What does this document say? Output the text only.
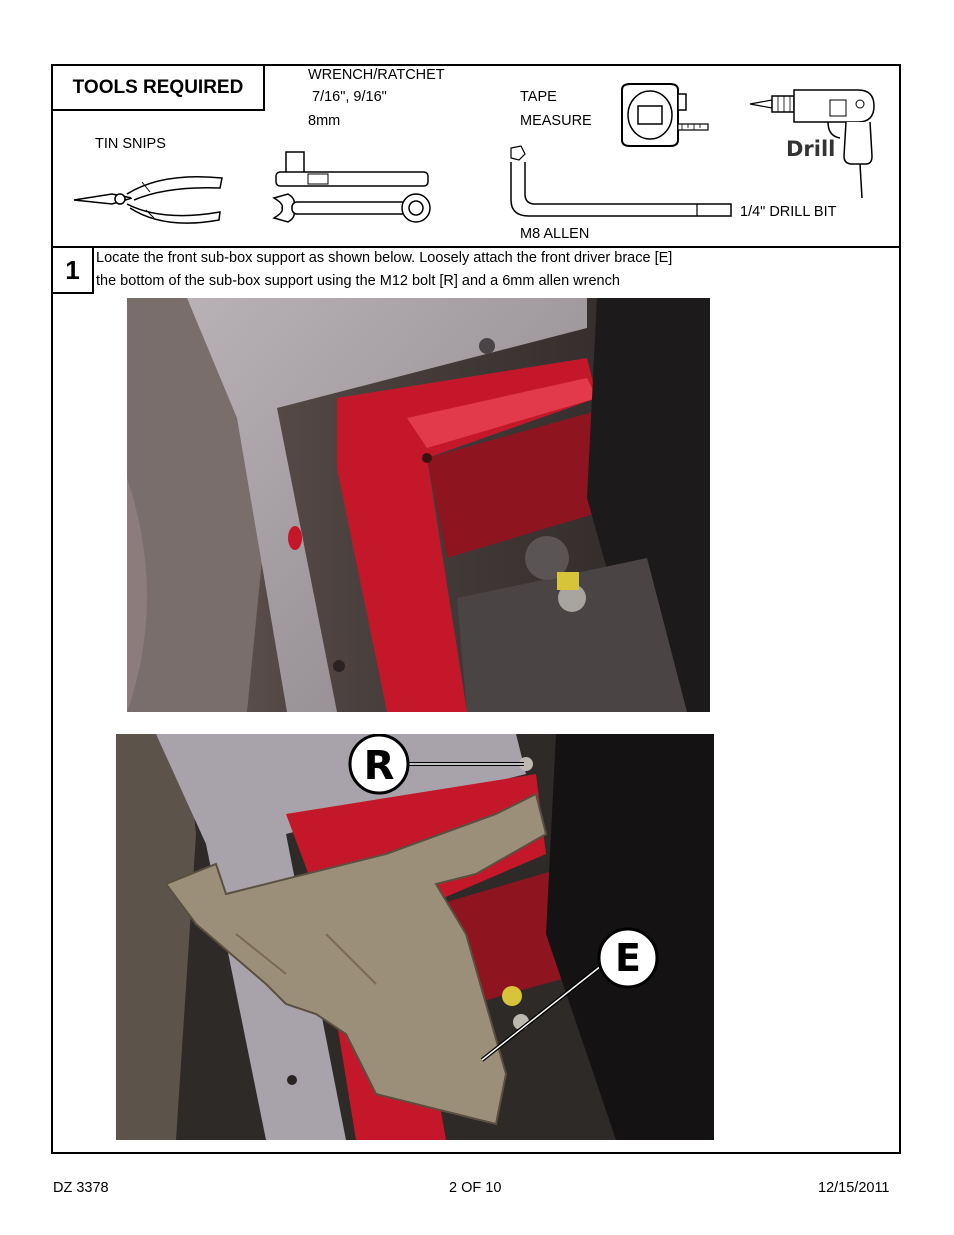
TOOLS REQUIRED
TIN SNIPS
WRENCH/RATCHET
7/16", 9/16"
8mm
TAPE
MEASURE
M8 ALLEN
1/4" DRILL BIT
Drill
1	Locate the front sub-box support as shown below. Loosely attach the front driver brace [E]
the bottom of the sub-box support using the M12 bolt [R] and a 6mm allen wrench
R
E
DZ 3378	2 OF 10	12/15/2011
